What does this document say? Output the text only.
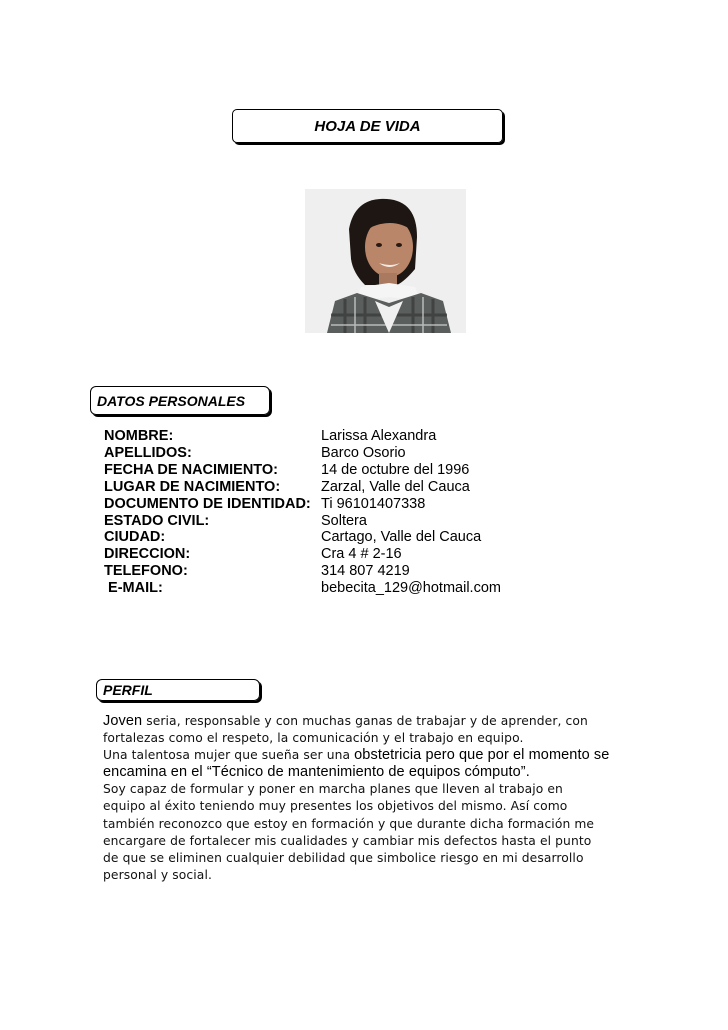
HOJA DE VIDA
DATOS PERSONALES
NOMBRE:	Larissa Alexandra
APELLIDOS:	Barco Osorio
FECHA DE NACIMIENTO:	14 de octubre del 1996
LUGAR DE NACIMIENTO:	Zarzal, Valle del Cauca
DOCUMENTO DE IDENTIDAD: Ti 96101407338
ESTADO CIVIL:	Soltera
CIUDAD:	Cartago, Valle del Cauca
DIRECCION:	Cra 4 # 2-16
TELEFONO:	314 807 4219
E-MAIL:	bebecita_129@hotmail.com
PERFIL

Joven seria, responsable y con muchas ganas de trabajar y de aprender, con

fortalezas como el respeto, la comunicación y el trabajo en equipo.

Una talentosa mujer que sueña ser una obstetricia pero que por el momento se

encamina en el “Técnico de mantenimiento de equipos cómputo”.

Soy capaz de formular y poner en marcha planes que lleven al trabajo en

equipo al éxito teniendo muy presentes los objetivos del mismo. Así como

también reconozco que estoy en formación y que durante dicha formación me

encargare de fortalecer mis cualidades y cambiar mis defectos hasta el punto

de que se eliminen cualquier debilidad que simbolice riesgo en mi desarrollo

personal y social.
